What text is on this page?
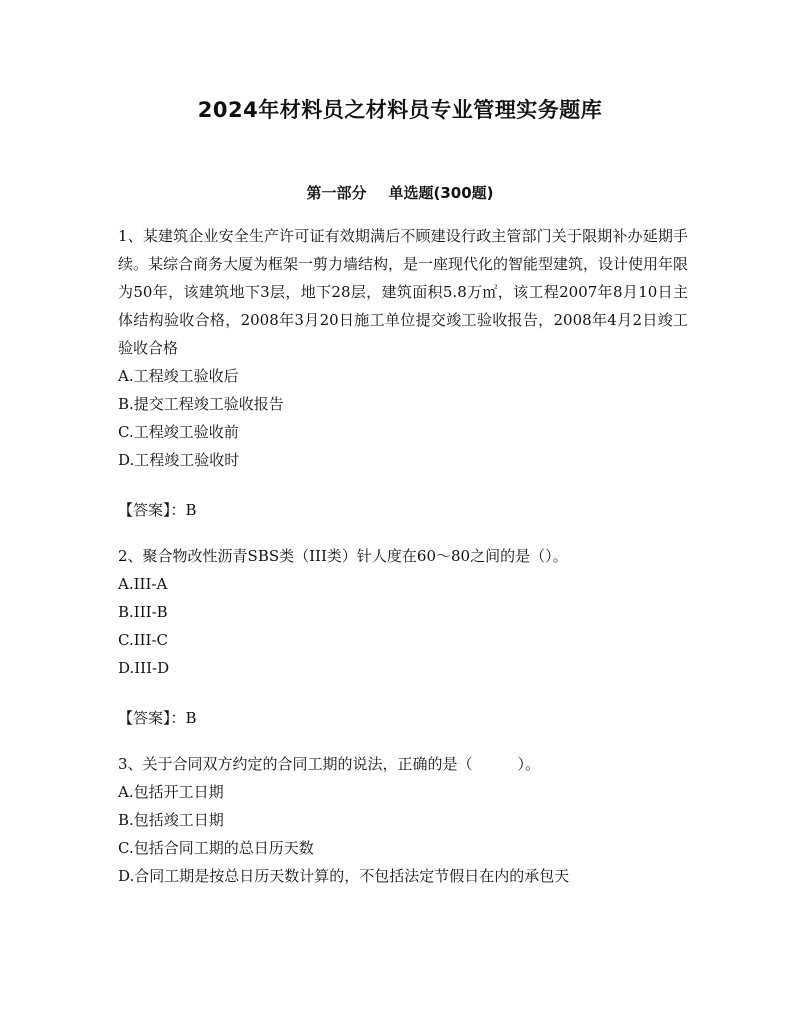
2024年材料员之材料员专业管理实务题库
第一部分 单选题(300题)

1、某建筑企业安全生产许可证有效期满后不顾建设行政主管部门关于限期补办延期手续。某综合商务大厦为框架一剪力墙结构，是一座现代化的智能型建筑，设计使用年限为50年，该建筑地下3层，地下28层，建筑面积5.8万㎡，该工程2007年8月10日主体结构验收合格，2008年3月20日施工单位提交竣工验收报告，2008年4月2日竣工验收合格

A.工程竣工验收后

B.提交工程竣工验收报告

C.工程竣工验收前

D.工程竣工验收时

【答案】：B

2、聚合物改性沥青SBS类（III类）针人度在60～80之间的是（）。

A.III-A

B.III-B

C.III-C

D.III-D

【答案】：B

3、关于合同双方约定的合同工期的说法，正确的是（　　　）。

A.包括开工日期

B.包括竣工日期

C.包括合同工期的总日历天数

D.合同工期是按总日历天数计算的，不包括法定节假日在内的承包天
